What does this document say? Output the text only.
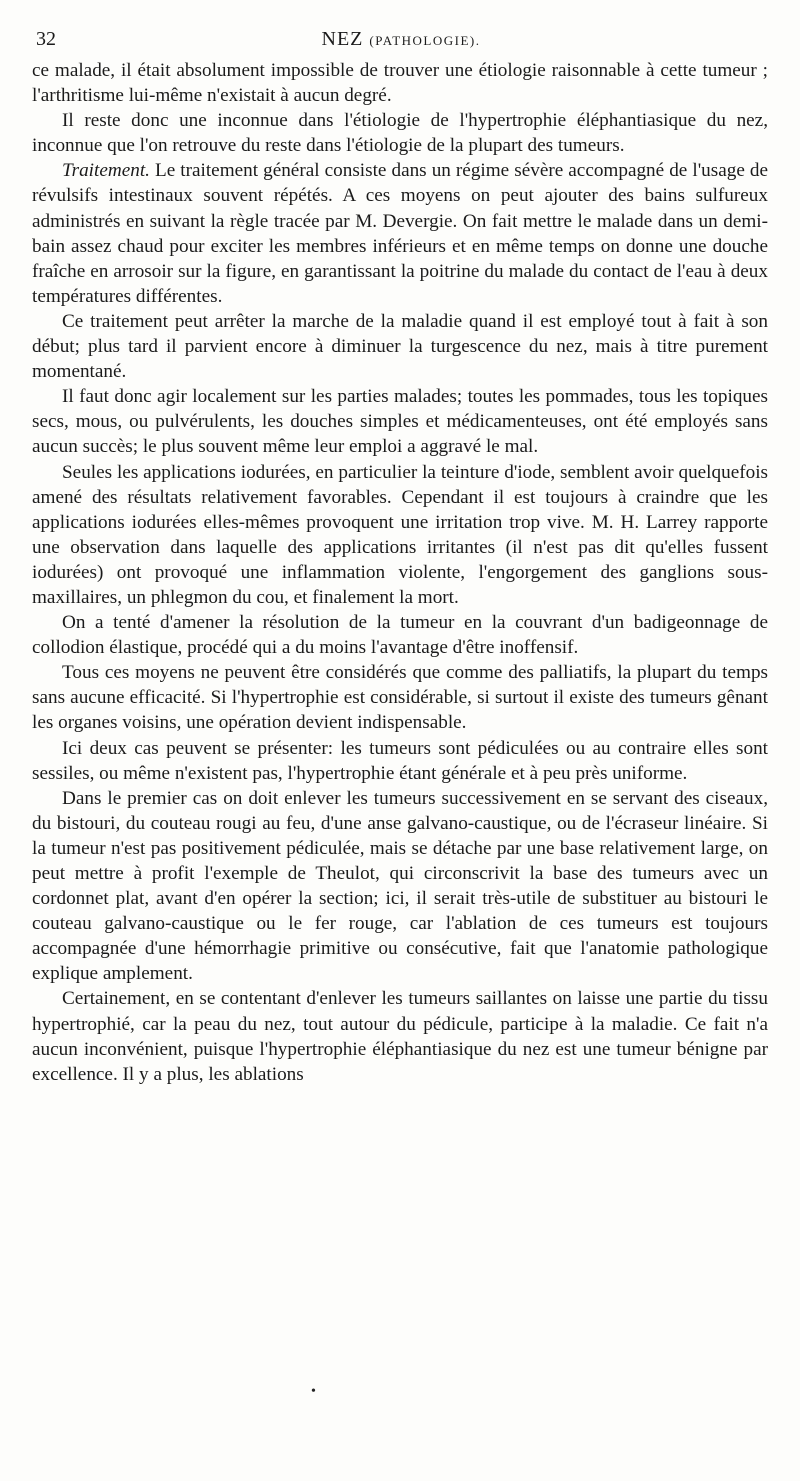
32	NEZ (PATHOLOGIE).

ce malade, il était absolument impossible de trouver une étiologie raisonnable à cette tumeur ; l'arthritisme lui-même n'existait à aucun degré.

Il reste donc une inconnue dans l'étiologie de l'hypertrophie éléphantiasique du nez, inconnue que l'on retrouve du reste dans l'étiologie de la plupart des tumeurs.

Traitement. Le traitement général consiste dans un régime sévère accompagné de l'usage de révulsifs intestinaux souvent répétés. A ces moyens on peut ajouter des bains sulfureux administrés en suivant la règle tracée par M. Devergie. On fait mettre le malade dans un demi-bain assez chaud pour exciter les membres inférieurs et en même temps on donne une douche fraîche en arrosoir sur la figure, en garantissant la poitrine du malade du contact de l'eau à deux températures différentes.

Ce traitement peut arrêter la marche de la maladie quand il est employé tout à fait à son début; plus tard il parvient encore à diminuer la turgescence du nez, mais à titre purement momentané.

Il faut donc agir localement sur les parties malades; toutes les pommades, tous les topiques secs, mous, ou pulvérulents, les douches simples et médicamenteuses, ont été employés sans aucun succès; le plus souvent même leur emploi a aggravé le mal.

Seules les applications iodurées, en particulier la teinture d'iode, semblent avoir quelquefois amené des résultats relativement favorables. Cependant il est toujours à craindre que les applications iodurées elles-mêmes provoquent une irritation trop vive. M. H. Larrey rapporte une observation dans laquelle des applications irritantes (il n'est pas dit qu'elles fussent iodurées) ont provoqué une inflammation violente, l'engorgement des ganglions sous-maxillaires, un phlegmon du cou, et finalement la mort.

On a tenté d'amener la résolution de la tumeur en la couvrant d'un badigeonnage de collodion élastique, procédé qui a du moins l'avantage d'être inoffensif.

Tous ces moyens ne peuvent être considérés que comme des palliatifs, la plupart du temps sans aucune efficacité. Si l'hypertrophie est considérable, si surtout il existe des tumeurs gênant les organes voisins, une opération devient indispensable.

Ici deux cas peuvent se présenter: les tumeurs sont pédiculées ou au contraire elles sont sessiles, ou même n'existent pas, l'hypertrophie étant générale et à peu près uniforme.

Dans le premier cas on doit enlever les tumeurs successivement en se servant des ciseaux, du bistouri, du couteau rougi au feu, d'une anse galvano-caustique, ou de l'écraseur linéaire. Si la tumeur n'est pas positivement pédiculée, mais se détache par une base relativement large, on peut mettre à profit l'exemple de Theulot, qui circonscrivit la base des tumeurs avec un cordonnet plat, avant d'en opérer la section; ici, il serait très-utile de substituer au bistouri le couteau galvano-caustique ou le fer rouge, car l'ablation de ces tumeurs est toujours accompagnée d'une hémorrhagie primitive ou consécutive, fait que l'anatomie pathologique explique amplement.

Certainement, en se contentant d'enlever les tumeurs saillantes on laisse une partie du tissu hypertrophié, car la peau du nez, tout autour du pédicule, participe à la maladie. Ce fait n'a aucun inconvénient, puisque l'hypertrophie éléphantiasique du nez est une tumeur bénigne par excellence. Il y a plus, les ablations

•
